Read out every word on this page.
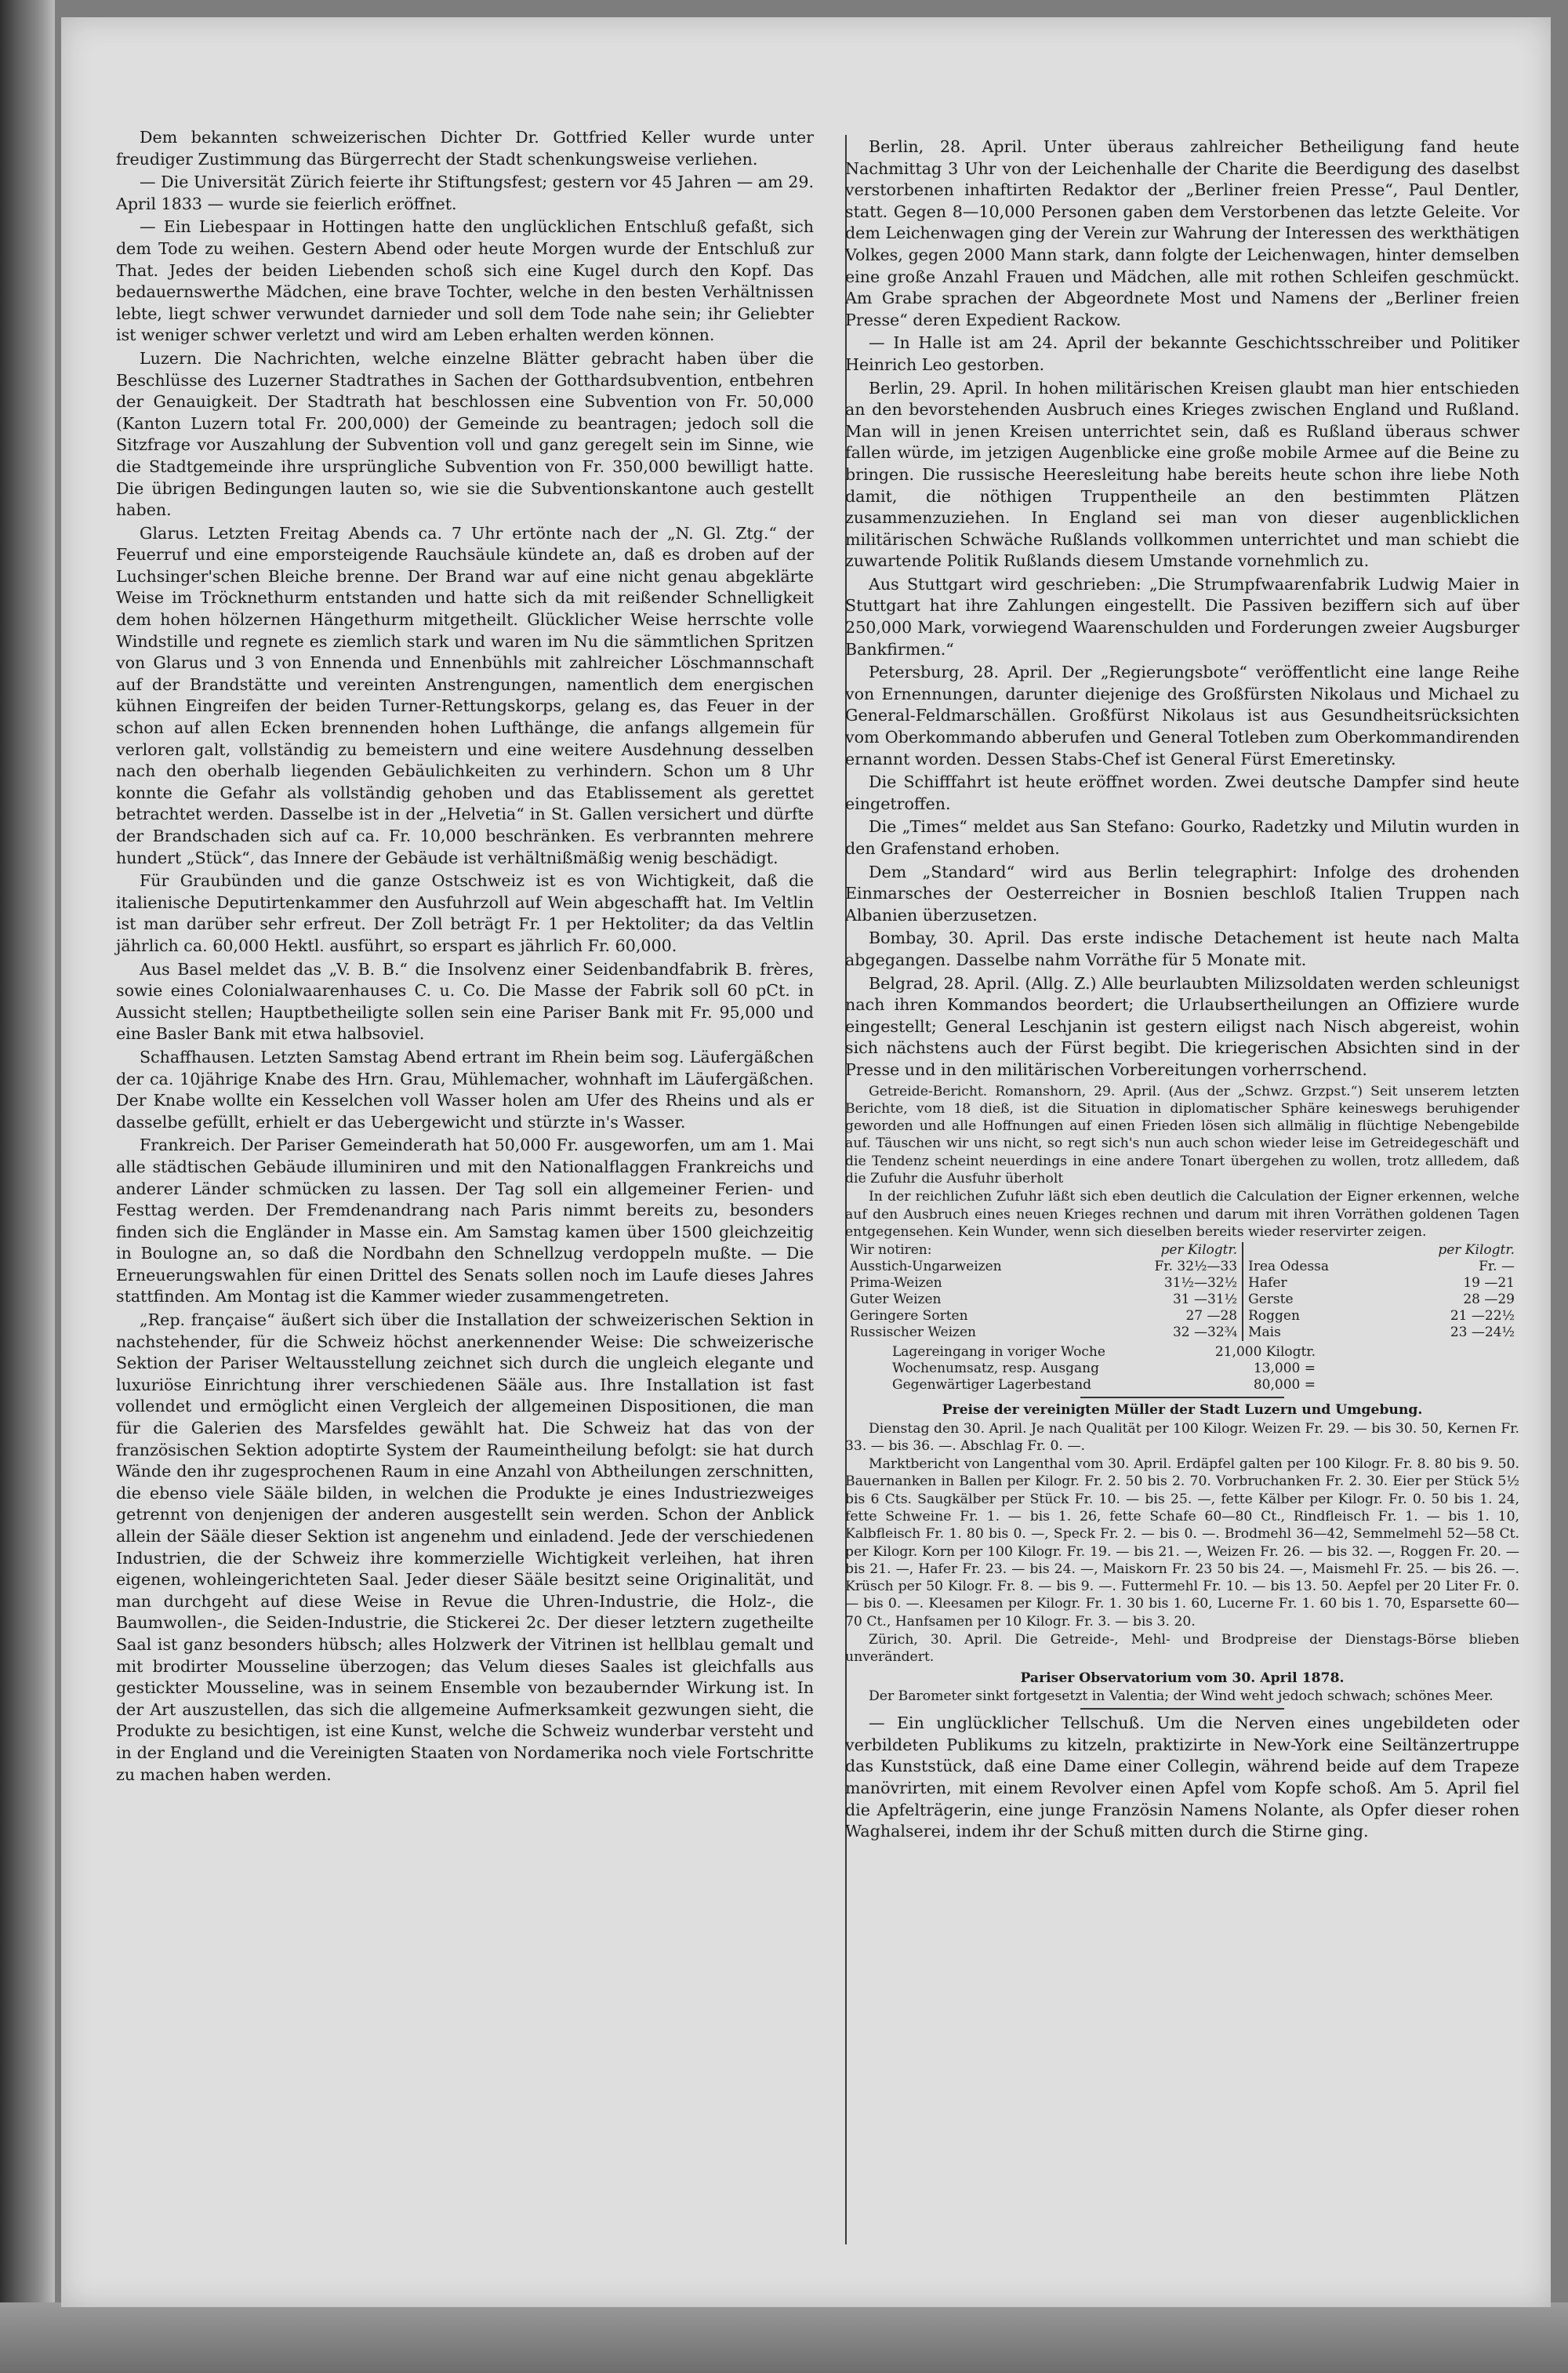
Dem bekannten schweizerischen Dichter Dr. Gottfried Keller wurde unter freudiger Zustimmung das Bürgerrecht der Stadt schenkungsweise verliehen.

— Die Universität Zürich feierte ihr Stiftungsfest; gestern vor 45 Jahren — am 29. April 1833 — wurde sie feierlich eröffnet.

— Ein Liebespaar in Hottingen hatte den unglücklichen Entschluß gefaßt, sich dem Tode zu weihen. Gestern Abend oder heute Morgen wurde der Entschluß zur That. Jedes der beiden Liebenden schoß sich eine Kugel durch den Kopf. Das bedauernswerthe Mädchen, eine brave Tochter, welche in den besten Verhältnissen lebte, liegt schwer verwundet darnieder und soll dem Tode nahe sein; ihr Geliebter ist weniger schwer verletzt und wird am Leben erhalten werden können.

Luzern. Die Nachrichten, welche einzelne Blätter gebracht haben über die Beschlüsse des Luzerner Stadtrathes in Sachen der Gotthardsubvention, entbehren der Genauigkeit. Der Stadtrath hat beschlossen eine Subvention von Fr. 50,000 (Kanton Luzern total Fr. 200,000) der Gemeinde zu beantragen; jedoch soll die Sitzfrage vor Auszahlung der Subvention voll und ganz geregelt sein im Sinne, wie die Stadtgemeinde ihre ursprüngliche Subvention von Fr. 350,000 bewilligt hatte. Die übrigen Bedingungen lauten so, wie sie die Subventionskantone auch gestellt haben.

Glarus. Letzten Freitag Abends ca. 7 Uhr ertönte nach der „N. Gl. Ztg.“ der Feuerruf und eine emporsteigende Rauchsäule kündete an, daß es droben auf der Luchsinger'schen Bleiche brenne. Der Brand war auf eine nicht genau abgeklärte Weise im Tröcknethurm entstanden und hatte sich da mit reißender Schnelligkeit dem hohen hölzernen Hängethurm mitgetheilt. Glücklicher Weise herrschte volle Windstille und regnete es ziemlich stark und waren im Nu die sämmtlichen Spritzen von Glarus und 3 von Ennenda und Ennenbühls mit zahlreicher Löschmannschaft auf der Brandstätte und vereinten Anstrengungen, namentlich dem energischen kühnen Eingreifen der beiden Turner-Rettungskorps, gelang es, das Feuer in der schon auf allen Ecken brennenden hohen Lufthänge, die anfangs allgemein für verloren galt, vollständig zu bemeistern und eine weitere Ausdehnung desselben nach den oberhalb liegenden Gebäulichkeiten zu verhindern. Schon um 8 Uhr konnte die Gefahr als vollständig gehoben und das Etablissement als gerettet betrachtet werden. Dasselbe ist in der „Helvetia“ in St. Gallen versichert und dürfte der Brandschaden sich auf ca. Fr. 10,000 beschränken. Es verbrannten mehrere hundert „Stück“, das Innere der Gebäude ist verhältnißmäßig wenig beschädigt.

Für Graubünden und die ganze Ostschweiz ist es von Wichtigkeit, daß die italienische Deputirtenkammer den Ausfuhrzoll auf Wein abgeschafft hat. Im Veltlin ist man darüber sehr erfreut. Der Zoll beträgt Fr. 1 per Hektoliter; da das Veltlin jährlich ca. 60,000 Hektl. ausführt, so erspart es jährlich Fr. 60,000.

Aus Basel meldet das „V. B. B.“ die Insolvenz einer Seidenbandfabrik B. frères, sowie eines Colonialwaarenhauses C. u. Co. Die Masse der Fabrik soll 60 pCt. in Aussicht stellen; Hauptbetheiligte sollen sein eine Pariser Bank mit Fr. 95,000 und eine Basler Bank mit etwa halbsoviel.

Schaffhausen. Letzten Samstag Abend ertrant im Rhein beim sog. Läufergäßchen der ca. 10jährige Knabe des Hrn. Grau, Mühlemacher, wohnhaft im Läufergäßchen. Der Knabe wollte ein Kesselchen voll Wasser holen am Ufer des Rheins und als er dasselbe gefüllt, erhielt er das Uebergewicht und stürzte in's Wasser.

Frankreich. Der Pariser Gemeinderath hat 50,000 Fr. ausgeworfen, um am 1. Mai alle städtischen Gebäude illuminiren und mit den Nationalflaggen Frankreichs und anderer Länder schmücken zu lassen. Der Tag soll ein allgemeiner Ferien- und Festtag werden. Der Fremdenandrang nach Paris nimmt bereits zu, besonders finden sich die Engländer in Masse ein. Am Samstag kamen über 1500 gleichzeitig in Boulogne an, so daß die Nordbahn den Schnellzug verdoppeln mußte. — Die Erneuerungswahlen für einen Drittel des Senats sollen noch im Laufe dieses Jahres stattfinden. Am Montag ist die Kammer wieder zusammengetreten.

„Rep. française“ äußert sich über die Installation der schweizerischen Sektion in nachstehender, für die Schweiz höchst anerkennender Weise: Die schweizerische Sektion der Pariser Weltausstellung zeichnet sich durch die ungleich elegante und luxuriöse Einrichtung ihrer verschiedenen Sääle aus. Ihre Installation ist fast vollendet und ermöglicht einen Vergleich der allgemeinen Dispositionen, die man für die Galerien des Marsfeldes gewählt hat. Die Schweiz hat das von der französischen Sektion adoptirte System der Raumeintheilung befolgt: sie hat durch Wände den ihr zugesprochenen Raum in eine Anzahl von Abtheilungen zerschnitten, die ebenso viele Sääle bilden, in welchen die Produkte je eines Industriezweiges getrennt von denjenigen der anderen ausgestellt sein werden. Schon der Anblick allein der Sääle dieser Sektion ist angenehm und einladend. Jede der verschiedenen Industrien, die der Schweiz ihre kommerzielle Wichtigkeit verleihen, hat ihren eigenen, wohleingerichteten Saal. Jeder dieser Sääle besitzt seine Originalität, und man durchgeht auf diese Weise in Revue die Uhren-Industrie, die Holz-, die Baumwollen-, die Seiden-Industrie, die Stickerei 2c. Der dieser letztern zugetheilte Saal ist ganz besonders hübsch; alles Holzwerk der Vitrinen ist hellblau gemalt und mit brodirter Mousseline überzogen; das Velum dieses Saales ist gleichfalls aus gestickter Mousseline, was in seinem Ensemble von bezaubernder Wirkung ist. In der Art auszustellen, das sich die allgemeine Aufmerksamkeit gezwungen sieht, die Produkte zu besichtigen, ist eine Kunst, welche die Schweiz wunderbar versteht und in der England und die Vereinigten Staaten von Nordamerika noch viele Fortschritte zu machen haben werden.

Berlin, 28. April. Unter überaus zahlreicher Betheiligung fand heute Nachmittag 3 Uhr von der Leichenhalle der Charite die Beerdigung des daselbst verstorbenen inhaftirten Redaktor der „Berliner freien Presse“, Paul Dentler, statt. Gegen 8—10,000 Personen gaben dem Verstorbenen das letzte Geleite. Vor dem Leichenwagen ging der Verein zur Wahrung der Interessen des werkthätigen Volkes, gegen 2000 Mann stark, dann folgte der Leichenwagen, hinter demselben eine große Anzahl Frauen und Mädchen, alle mit rothen Schleifen geschmückt. Am Grabe sprachen der Abgeordnete Most und Namens der „Berliner freien Presse“ deren Expedient Rackow.

— In Halle ist am 24. April der bekannte Geschichtsschreiber und Politiker Heinrich Leo gestorben.

Berlin, 29. April. In hohen militärischen Kreisen glaubt man hier entschieden an den bevorstehenden Ausbruch eines Krieges zwischen England und Rußland. Man will in jenen Kreisen unterrichtet sein, daß es Rußland überaus schwer fallen würde, im jetzigen Augenblicke eine große mobile Armee auf die Beine zu bringen. Die russische Heeresleitung habe bereits heute schon ihre liebe Noth damit, die nöthigen Truppentheile an den bestimmten Plätzen zusammenzuziehen. In England sei man von dieser augenblicklichen militärischen Schwäche Rußlands vollkommen unterrichtet und man schiebt die zuwartende Politik Rußlands diesem Umstande vornehmlich zu.

Aus Stuttgart wird geschrieben: „Die Strumpfwaarenfabrik Ludwig Maier in Stuttgart hat ihre Zahlungen eingestellt. Die Passiven beziffern sich auf über 250,000 Mark, vorwiegend Waarenschulden und Forderungen zweier Augsburger Bankfirmen.“

Petersburg, 28. April. Der „Regierungsbote“ veröffentlicht eine lange Reihe von Ernennungen, darunter diejenige des Großfürsten Nikolaus und Michael zu General-Feldmarschällen. Großfürst Nikolaus ist aus Gesundheitsrücksichten vom Oberkommando abberufen und General Totleben zum Oberkommandirenden ernannt worden. Dessen Stabs-Chef ist General Fürst Emeretinsky.

Die Schifffahrt ist heute eröffnet worden. Zwei deutsche Dampfer sind heute eingetroffen.

Die „Times“ meldet aus San Stefano: Gourko, Radetzky und Milutin wurden in den Grafenstand erhoben.

Dem „Standard“ wird aus Berlin telegraphirt: Infolge des drohenden Einmarsches der Oesterreicher in Bosnien beschloß Italien Truppen nach Albanien überzusetzen.

Bombay, 30. April. Das erste indische Detachement ist heute nach Malta abgegangen. Dasselbe nahm Vorräthe für 5 Monate mit.

Belgrad, 28. April. (Allg. Z.) Alle beurlaubten Milizsoldaten werden schleunigst nach ihren Kommandos beordert; die Urlaubsertheilungen an Offiziere wurde eingestellt; General Leschjanin ist gestern eiligst nach Nisch abgereist, wohin sich nächstens auch der Fürst begibt. Die kriegerischen Absichten sind in der Presse und in den militärischen Vorbereitungen vorherrschend.

Getreide-Bericht. Romanshorn, 29. April. (Aus der „Schwz. Grzpst.“) Seit unserem letzten Berichte, vom 18 dieß, ist die Situation in diplomatischer Sphäre keineswegs beruhigender geworden und alle Hoffnungen auf einen Frieden lösen sich allmälig in flüchtige Nebengebilde auf. Täuschen wir uns nicht, so regt sich's nun auch schon wieder leise im Getreidegeschäft und die Tendenz scheint neuerdings in eine andere Tonart übergehen zu wollen, trotz allledem, daß die Zufuhr die Ausfuhr überholt

In der reichlichen Zufuhr läßt sich eben deutlich die Calculation der Eigner erkennen, welche auf den Ausbruch eines neuen Krieges rechnen und darum mit ihren Vorräthen goldenen Tagen entgegensehen. Kein Wunder, wenn sich dieselben bereits wieder reservirter zeigen.

Wir notiren:	per Kilogtr.		per Kilogtr.
Ausstich-Ungarweizen	Fr. 32½—33	Irea Odessa	Fr. —
Prima-Weizen	31½—32½	Hafer	19 —21
Guter Weizen	31 —31½	Gerste	28 —29
Geringere Sorten	27 —28	Roggen	21 —22½
Russischer Weizen	32 —32¾	Mais	23 —24½
Lagereingang in voriger Woche	21,000 Kilogtr.
Wochenumsatz, resp. Ausgang	13,000 =
Gegenwärtiger Lagerbestand	80,000 =

Preise der vereinigten Müller der Stadt Luzern und Umgebung.

Dienstag den 30. April. Je nach Qualität per 100 Kilogr. Weizen Fr. 29. — bis 30. 50, Kernen Fr. 33. — bis 36. —. Abschlag Fr. 0. —.

Marktbericht von Langenthal vom 30. April. Erdäpfel galten per 100 Kilogr. Fr. 8. 80 bis 9. 50. Bauernanken in Ballen per Kilogr. Fr. 2. 50 bis 2. 70. Vorbruchanken Fr. 2. 30. Eier per Stück 5½ bis 6 Cts. Saugkälber per Stück Fr. 10. — bis 25. —, fette Kälber per Kilogr. Fr. 0. 50 bis 1. 24, fette Schweine Fr. 1. — bis 1. 26, fette Schafe 60—80 Ct., Rindfleisch Fr. 1. — bis 1. 10, Kalbfleisch Fr. 1. 80 bis 0. —, Speck Fr. 2. — bis 0. —. Brodmehl 36—42, Semmelmehl 52—58 Ct. per Kilogr. Korn per 100 Kilogr. Fr. 19. — bis 21. —, Weizen Fr. 26. — bis 32. —, Roggen Fr. 20. — bis 21. —, Hafer Fr. 23. — bis 24. —, Maiskorn Fr. 23 50 bis 24. —, Maismehl Fr. 25. — bis 26. —. Krüsch per 50 Kilogr. Fr. 8. — bis 9. —. Futtermehl Fr. 10. — bis 13. 50. Aepfel per 20 Liter Fr. 0. — bis 0. —. Kleesamen per Kilogr. Fr. 1. 30 bis 1. 60, Lucerne Fr. 1. 60 bis 1. 70, Esparsette 60—70 Ct., Hanfsamen per 10 Kilogr. Fr. 3. — bis 3. 20.

Zürich, 30. April. Die Getreide-, Mehl- und Brodpreise der Dienstags-Börse blieben unverändert.

Pariser Observatorium vom 30. April 1878.

Der Barometer sinkt fortgesetzt in Valentia; der Wind weht jedoch schwach; schönes Meer.

— Ein unglücklicher Tellschuß. Um die Nerven eines ungebildeten oder verbildeten Publikums zu kitzeln, praktizirte in New-York eine Seiltänzertruppe das Kunststück, daß eine Dame einer Collegin, während beide auf dem Trapeze manövrirten, mit einem Revolver einen Apfel vom Kopfe schoß. Am 5. April fiel die Apfelträgerin, eine junge Französin Namens Nolante, als Opfer dieser rohen Waghalserei, indem ihr der Schuß mitten durch die Stirne ging.
